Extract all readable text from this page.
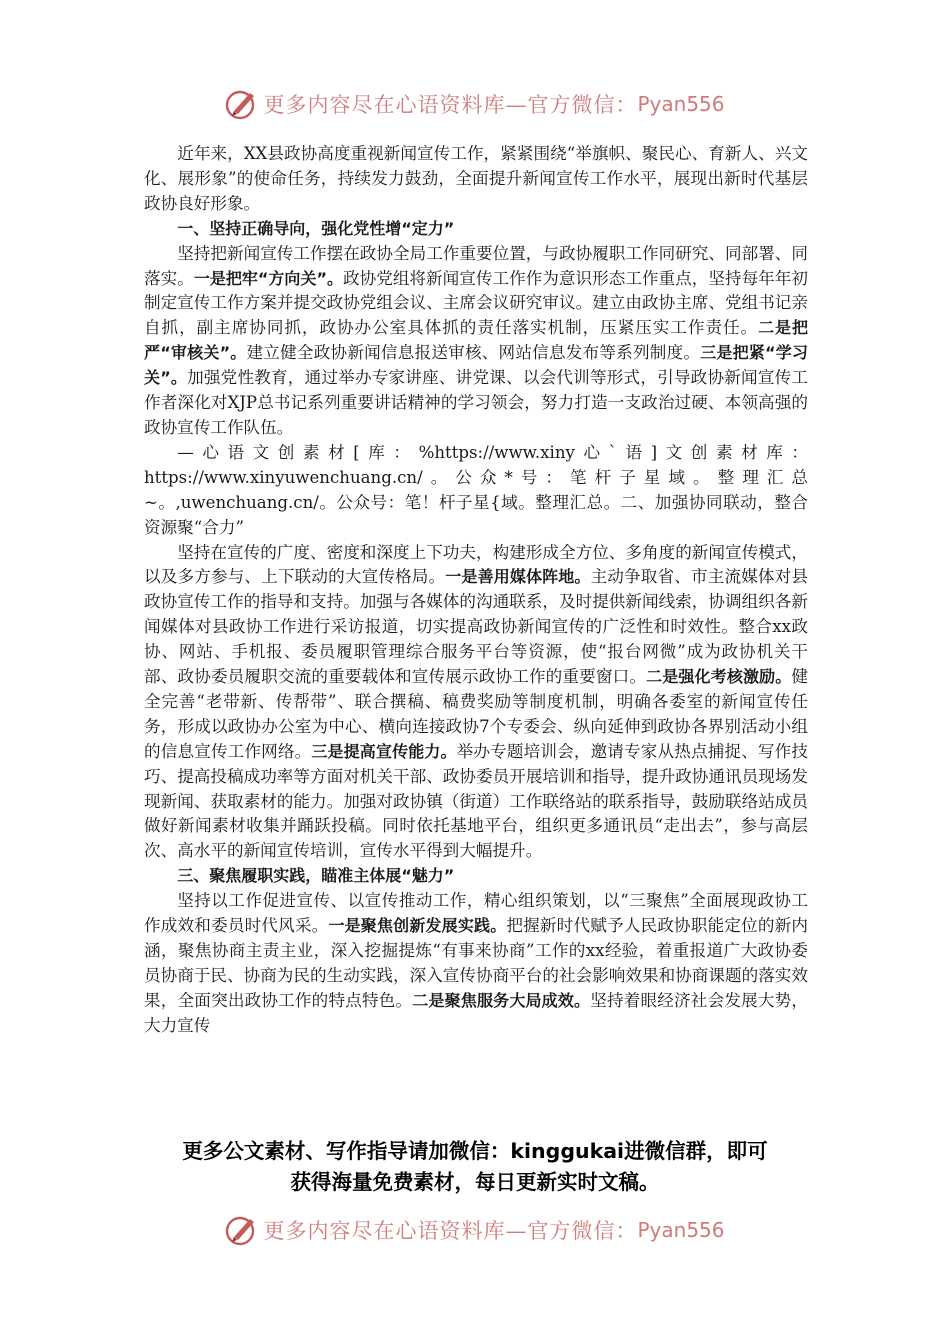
更多内容尽在心语资料库—官方微信： Pyan556

近年来，XX县政协高度重视新闻宣传工作，紧紧围绕“举旗帜、聚民心、育新人、兴文化、展形象”的使命任务，持续发力鼓劲，全面提升新闻宣传工作水平，展现出新时代基层政协良好形象。

一、坚持正确导向，强化党性增“定力”

坚持把新闻宣传工作摆在政协全局工作重要位置，与政协履职工作同研究、同部署、同落实。一是把牢“方向关”。政协党组将新闻宣传工作作为意识形态工作重点，坚持每年年初制定宣传工作方案并提交政协党组会议、主席会议研究审议。建立由政协主席、党组书记亲自抓，副主席协同抓，政协办公室具体抓的责任落实机制，压紧压实工作责任。二是把严“审核关”。建立健全政协新闻信息报送审核、网站信息发布等系列制度。三是把紧“学习关”。加强党性教育，通过举办专家讲座、讲党课、以会代训等形式，引导政协新闻宣传工作者深化对XJP总书记系列重要讲话精神的学习领会，努力打造一支政治过硬、本领高强的政协宣传工作队伍。

—心语文创素材[库：%https://www.xiny心`语]文创素材库：https://www.xinyuwenchuang.cn/。公众*号：笔杆子星域。整理汇总~。,uwenchuang.cn/。公众号：笔！杆子星{域。整理汇总。二、加强协同联动，整合资源聚“合力”

坚持在宣传的广度、密度和深度上下功夫，构建形成全方位、多角度的新闻宣传模式，以及多方参与、上下联动的大宣传格局。一是善用媒体阵地。主动争取省、市主流媒体对县政协宣传工作的指导和支持。加强与各媒体的沟通联系，及时提供新闻线索，协调组织各新闻媒体对县政协工作进行采访报道，切实提高政协新闻宣传的广泛性和时效性。整合xx政协、网站、手机报、委员履职管理综合服务平台等资源，使“报台网微”成为政协机关干部、政协委员履职交流的重要载体和宣传展示政协工作的重要窗口。二是强化考核激励。健全完善“老带新、传帮带”、联合撰稿、稿费奖励等制度机制，明确各委室的新闻宣传任务，形成以政协办公室为中心、横向连接政协7个专委会、纵向延伸到政协各界别活动小组的信息宣传工作网络。三是提高宣传能力。举办专题培训会，邀请专家从热点捕捉、写作技巧、提高投稿成功率等方面对机关干部、政协委员开展培训和指导，提升政协通讯员现场发现新闻、获取素材的能力。加强对政协镇（街道）工作联络站的联系指导，鼓励联络站成员做好新闻素材收集并踊跃投稿。同时依托基地平台，组织更多通讯员“走出去”，参与高层次、高水平的新闻宣传培训，宣传水平得到大幅提升。

三、聚焦履职实践，瞄准主体展“魅力”

坚持以工作促进宣传、以宣传推动工作，精心组织策划，以“三聚焦”全面展现政协工作成效和委员时代风采。一是聚焦创新发展实践。把握新时代赋予人民政协职能定位的新内涵，聚焦协商主责主业，深入挖掘提炼“有事来协商”工作的xx经验，着重报道广大政协委员协商于民、协商为民的生动实践，深入宣传协商平台的社会影响效果和协商课题的落实效果，全面突出政协工作的特点特色。二是聚焦服务大局成效。坚持着眼经济社会发展大势，大力宣传

更多公文素材、写作指导请加微信：kinggukai进微信群，即可
获得海量免费素材，每日更新实时文稿。
更多内容尽在心语资料库—官方微信： Pyan556
